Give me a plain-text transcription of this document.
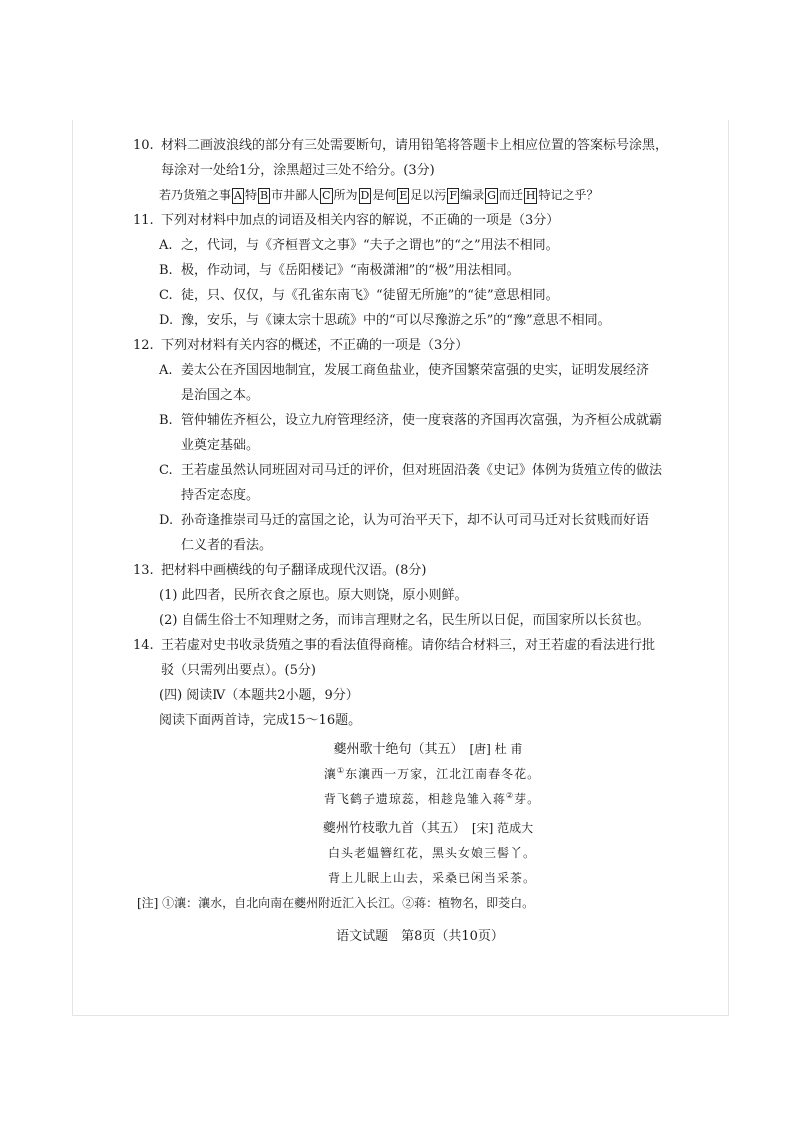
10. 材料二画波浪线的部分有三处需要断句，请用铅笔将答题卡上相应位置的答案标号涂黑，
每涂对一处给1分，涂黑超过三处不给分。(3分)
若乃货殖之事 A 特 B 市井鄙人 C 所为 D 是何 E 足以污 F 编录 G 而迁 H 特记之乎？
11. 下列对材料中加点的词语及相关内容的解说，不正确的一项是（3分）
A. 之，代词，与《齐桓晋文之事》“夫子之谓也”的“之”用法不相同。
B. 极，作动词，与《岳阳楼记》“南极潇湘”的“极”用法相同。
C. 徒，只、仅仅，与《孔雀东南飞》“徒留无所施”的“徒”意思相同。
D. 豫，安乐，与《谏太宗十思疏》中的“可以尽豫游之乐”的“豫”意思不相同。
12. 下列对材料有关内容的概述，不正确的一项是（3分）
A. 姜太公在齐国因地制宜，发展工商鱼盐业，使齐国繁荣富强的史实，证明发展经济
是治国之本。
B. 管仲辅佐齐桓公，设立九府管理经济，使一度衰落的齐国再次富强，为齐桓公成就霸
业奠定基础。
C. 王若虚虽然认同班固对司马迁的评价，但对班固沿袭《史记》体例为货殖立传的做法
持否定态度。
D. 孙奇逢推崇司马迁的富国之论，认为可治平天下，却不认可司马迁对长贫贱而好语
仁义者的看法。
13. 把材料中画横线的句子翻译成现代汉语。(8分)
(1) 此四者，民所衣食之原也。原大则饶，原小则鲜。
(2) 自儒生俗士不知理财之务，而讳言理财之名，民生所以日促，而国家所以长贫也。
14. 王若虚对史书收录货殖之事的看法值得商榷。请你结合材料三，对王若虚的看法进行批
驳（只需列出要点）。(5分)
(四) 阅读Ⅳ（本题共2小题，9分）
阅读下面两首诗，完成15～16题。
夔州歌十绝句（其五） [唐] 杜 甫
瀼①东瀼西一万家，江北江南春冬花。
背飞鹤子遗琼蕊，相趁凫雏入蒋②芽。
夔州竹枝歌九首（其五） [宋] 范成大
白头老媪簪红花，黑头女娘三髻丫。
背上儿眠上山去，采桑已闲当采茶。
[注] ①瀼：瀼水，自北向南在夔州附近汇入长江。②蒋：植物名，即茭白。
语文试题　第8页（共10页）
